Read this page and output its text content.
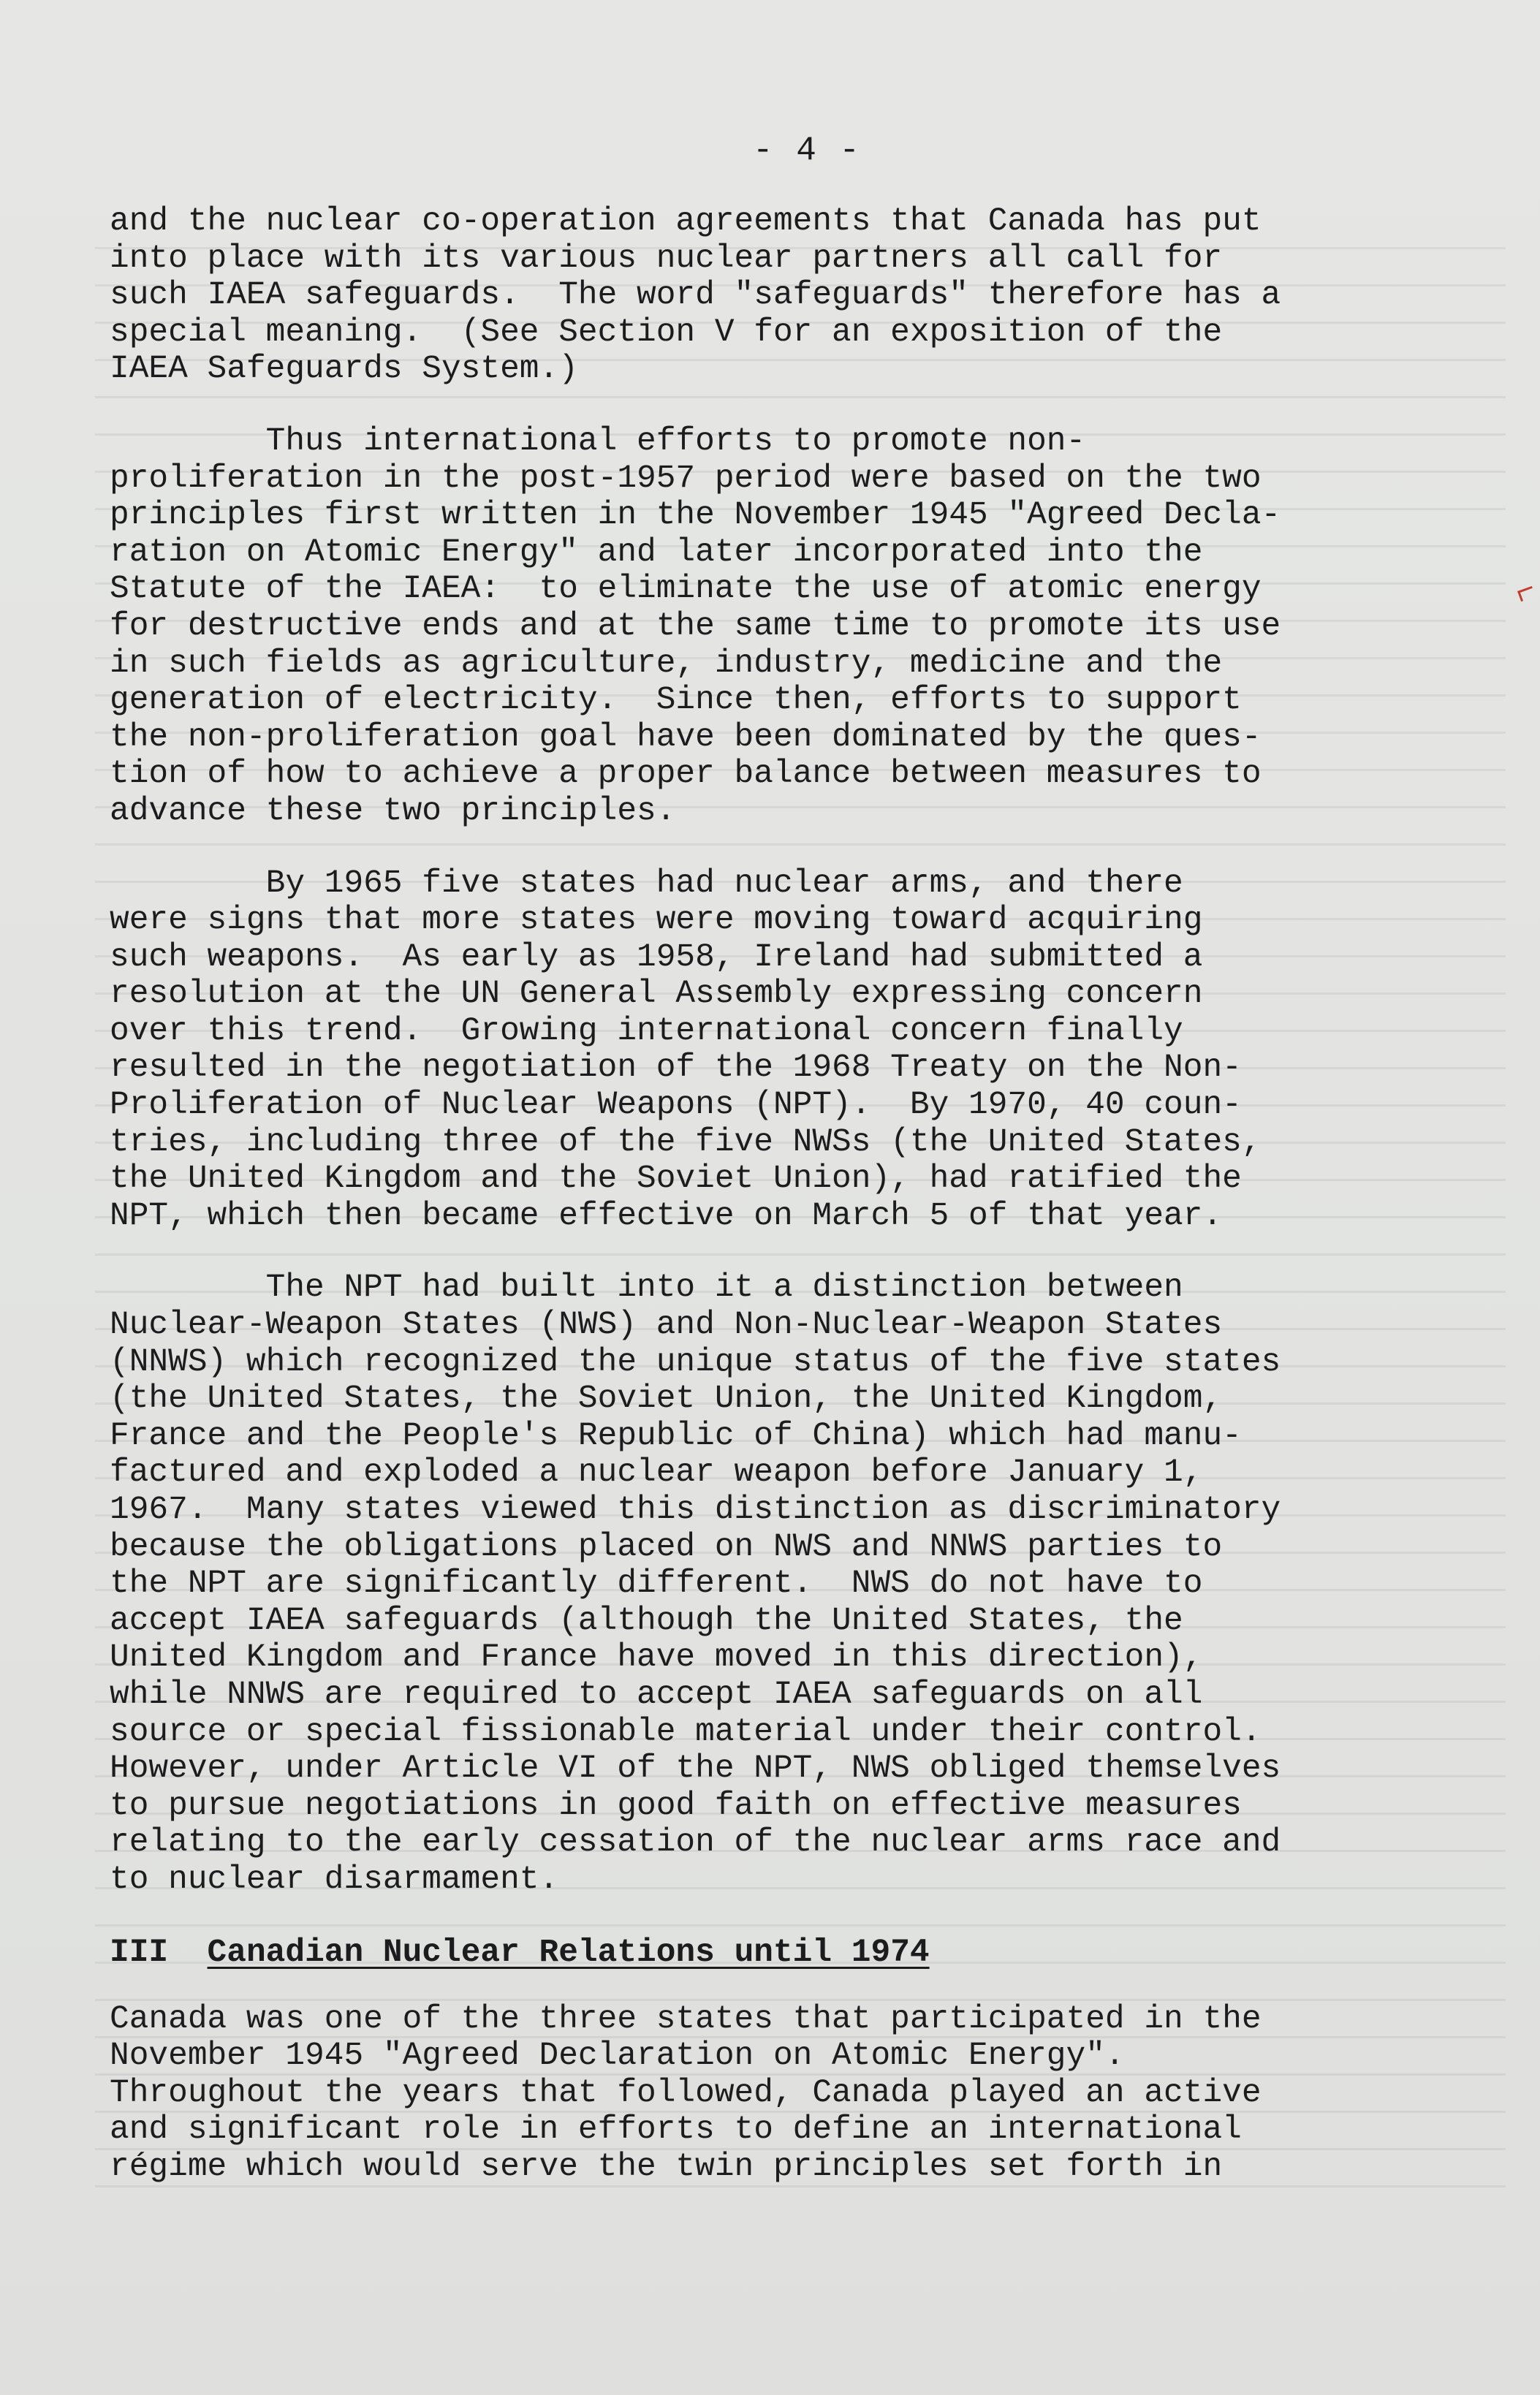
- 4 -
and the nuclear co-operation agreements that Canada has put
into place with its various nuclear partners all call for
such IAEA safeguards.  The word "safeguards" therefore has a
special meaning.  (See Section V for an exposition of the
IAEA Safeguards System.)
Thus international efforts to promote non-
proliferation in the post-1957 period were based on the two
principles first written in the November 1945 "Agreed Decla-
ration on Atomic Energy" and later incorporated into the
Statute of the IAEA:  to eliminate the use of atomic energy
for destructive ends and at the same time to promote its use
in such fields as agriculture, industry, medicine and the
generation of electricity.  Since then, efforts to support
the non-proliferation goal have been dominated by the ques-
tion of how to achieve a proper balance between measures to
advance these two principles.
By 1965 five states had nuclear arms, and there
were signs that more states were moving toward acquiring
such weapons.  As early as 1958, Ireland had submitted a
resolution at the UN General Assembly expressing concern
over this trend.  Growing international concern finally
resulted in the negotiation of the 1968 Treaty on the Non-
Proliferation of Nuclear Weapons (NPT).  By 1970, 40 coun-
tries, including three of the five NWSs (the United States,
the United Kingdom and the Soviet Union), had ratified the
NPT, which then became effective on March 5 of that year.
The NPT had built into it a distinction between
Nuclear-Weapon States (NWS) and Non-Nuclear-Weapon States
(NNWS) which recognized the unique status of the five states
(the United States, the Soviet Union, the United Kingdom,
France and the People's Republic of China) which had manu-
factured and exploded a nuclear weapon before January 1,
1967.  Many states viewed this distinction as discriminatory
because the obligations placed on NWS and NNWS parties to
the NPT are significantly different.  NWS do not have to
accept IAEA safeguards (although the United States, the
United Kingdom and France have moved in this direction),
while NNWS are required to accept IAEA safeguards on all
source or special fissionable material under their control.
However, under Article VI of the NPT, NWS obliged themselves
to pursue negotiations in good faith on effective measures
relating to the early cessation of the nuclear arms race and
to nuclear disarmament.
III Canadian Nuclear Relations until 1974
Canada was one of the three states that participated in the
November 1945 "Agreed Declaration on Atomic Energy".
Throughout the years that followed, Canada played an active
and significant role in efforts to define an international
régime which would serve the twin principles set forth in
